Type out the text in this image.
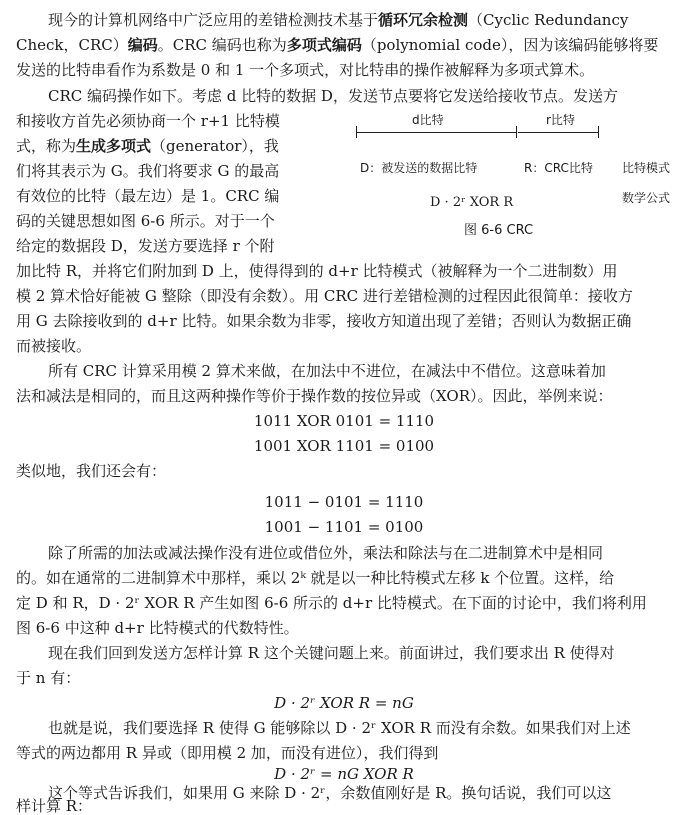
现今的计算机网络中广泛应用的差错检测技术基于循环冗余检测（Cyclic Redundancy
Check，CRC）编码。CRC 编码也称为多项式编码（polynomial code），因为该编码能够将要
发送的比特串看作为系数是 0 和 1 一个多项式，对比特串的操作被解释为多项式算术。
CRC 编码操作如下。考虑 d 比特的数据 D，发送节点要将它发送给接收节点。发送方
和接收方首先必须协商一个 r+1 比特模
式，称为生成多项式（generator），我
们将其表示为 G。我们将要求 G 的最高
有效位的比特（最左边）是 1。CRC 编
码的关键思想如图 6-6 所示。对于一个
给定的数据段 D，发送方要选择 r 个附
加比特 R，并将它们附加到 D 上，使得得到的 d+r 比特模式（被解释为一个二进制数）用
模 2 算术恰好能被 G 整除（即没有余数）。用 CRC 进行差错检测的过程因此很简单：接收方
用 G 去除接收到的 d+r 比特。如果余数为非零，接收方知道出现了差错；否则认为数据正确
而被接收。
d比特	r比特
D：被发送的数据比特	R：CRC比特 比特模式
D · 2ʳ XOR R	数学公式
图 6-6 CRC
所有 CRC 计算采用模 2 算术来做，在加法中不进位，在减法中不借位。这意味着加
法和减法是相同的，而且这两种操作等价于操作数的按位异或（XOR）。因此，举例来说：
1011 XOR 0101 = 1110
1001 XOR 1101 = 0100
类似地，我们还会有：
1011 − 0101 = 1110
1001 − 1101 = 0100
除了所需的加法或减法操作没有进位或借位外，乘法和除法与在二进制算术中是相同
的。如在通常的二进制算术中那样，乘以 2ᵏ 就是以一种比特模式左移 k 个位置。这样，给
定 D 和 R，D · 2ʳ XOR R 产生如图 6-6 所示的 d+r 比特模式。在下面的讨论中，我们将利用
图 6-6 中这种 d+r 比特模式的代数特性。
现在我们回到发送方怎样计算 R 这个关键问题上来。前面讲过，我们要求出 R 使得对
于 n 有：
D · 2ʳ XOR R = nG
也就是说，我们要选择 R 使得 G 能够除以 D · 2ʳ XOR R 而没有余数。如果我们对上述
等式的两边都用 R 异或（即用模 2 加，而没有进位），我们得到
D · 2ʳ = nG XOR R
这个等式告诉我们，如果用 G 来除 D · 2ʳ，余数值刚好是 R。换句话说，我们可以这
样计算 R：
